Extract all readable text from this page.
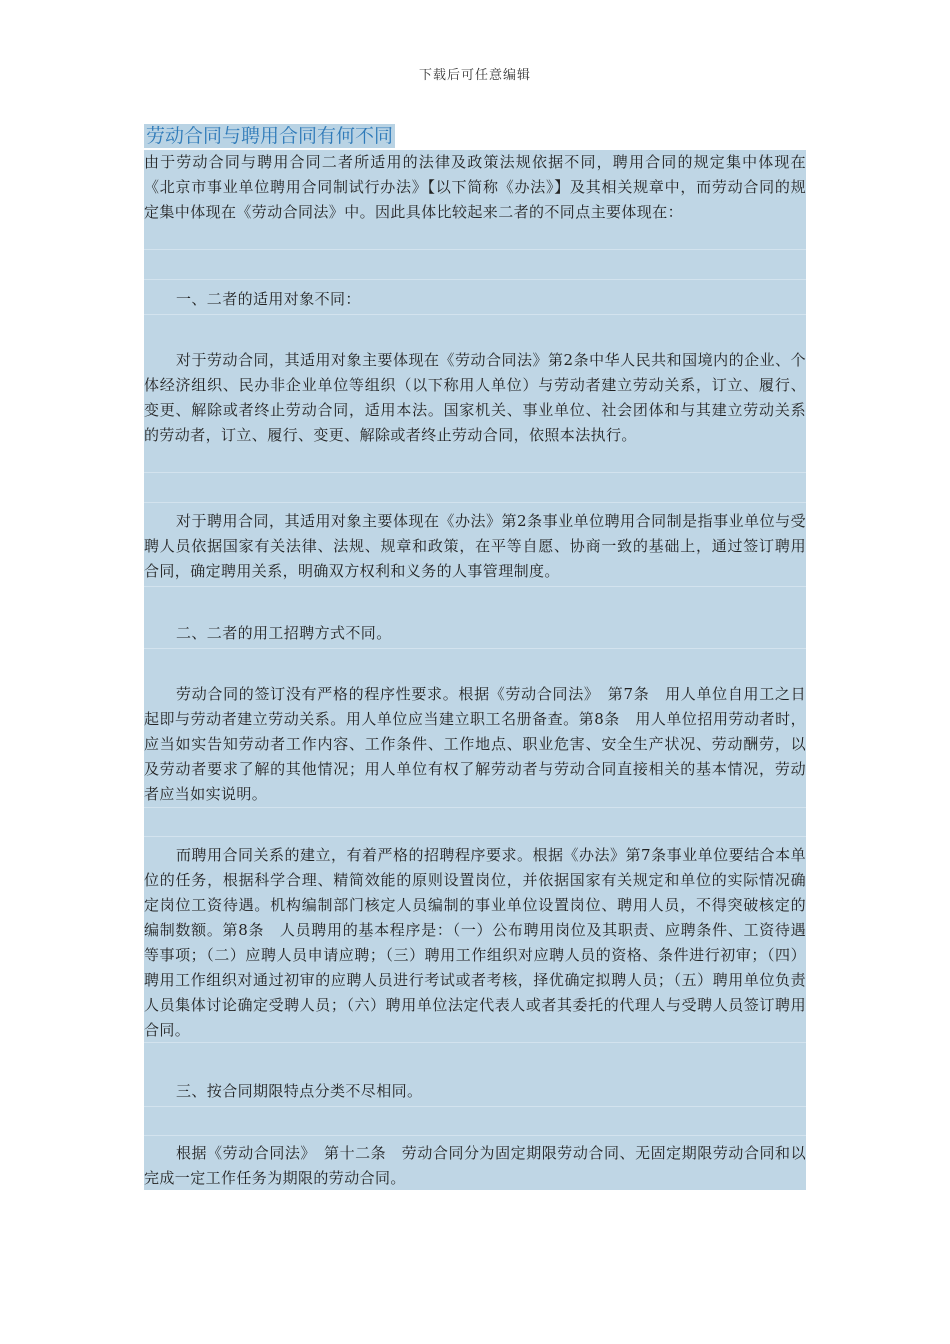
下载后可任意编辑
劳动合同与聘用合同有何不同

由于劳动合同与聘用合同二者所适用的法律及政策法规依据不同，聘用合同的规定集中体现在《北京市事业单位聘用合同制试行办法》【以下简称《办法》】及其相关规章中，而劳动合同的规定集中体现在《劳动合同法》中。因此具体比较起来二者的不同点主要体现在：

一、二者的适用对象不同：

对于劳动合同，其适用对象主要体现在《劳动合同法》第2条中华人民共和国境内的企业、个体经济组织、民办非企业单位等组织（以下称用人单位）与劳动者建立劳动关系，订立、履行、变更、解除或者终止劳动合同，适用本法。国家机关、事业单位、社会团体和与其建立劳动关系的劳动者，订立、履行、变更、解除或者终止劳动合同，依照本法执行。

对于聘用合同，其适用对象主要体现在《办法》第2条事业单位聘用合同制是指事业单位与受聘人员依据国家有关法律、法规、规章和政策，在平等自愿、协商一致的基础上，通过签订聘用合同，确定聘用关系，明确双方权利和义务的人事管理制度。

二、二者的用工招聘方式不同。

劳动合同的签订没有严格的程序性要求。根据《劳动合同法》　第7条　用人单位自用工之日起即与劳动者建立劳动关系。用人单位应当建立职工名册备查。第8条　用人单位招用劳动者时，应当如实告知劳动者工作内容、工作条件、工作地点、职业危害、安全生产状况、劳动酬劳，以及劳动者要求了解的其他情况；用人单位有权了解劳动者与劳动合同直接相关的基本情况，劳动者应当如实说明。

而聘用合同关系的建立，有着严格的招聘程序要求。根据《办法》第7条事业单位要结合本单位的任务，根据科学合理、精简效能的原则设置岗位，并依据国家有关规定和单位的实际情况确定岗位工资待遇。机构编制部门核定人员编制的事业单位设置岗位、聘用人员，不得突破核定的编制数额。第8条　人员聘用的基本程序是：（一）公布聘用岗位及其职责、应聘条件、工资待遇等事项；（二）应聘人员申请应聘；（三）聘用工作组织对应聘人员的资格、条件进行初审；（四）聘用工作组织对通过初审的应聘人员进行考试或者考核，择优确定拟聘人员；（五）聘用单位负责人员集体讨论确定受聘人员；（六）聘用单位法定代表人或者其委托的代理人与受聘人员签订聘用合同。

三、按合同期限特点分类不尽相同。

根据《劳动合同法》　第十二条　劳动合同分为固定期限劳动合同、无固定期限劳动合同和以完成一定工作任务为期限的劳动合同。
